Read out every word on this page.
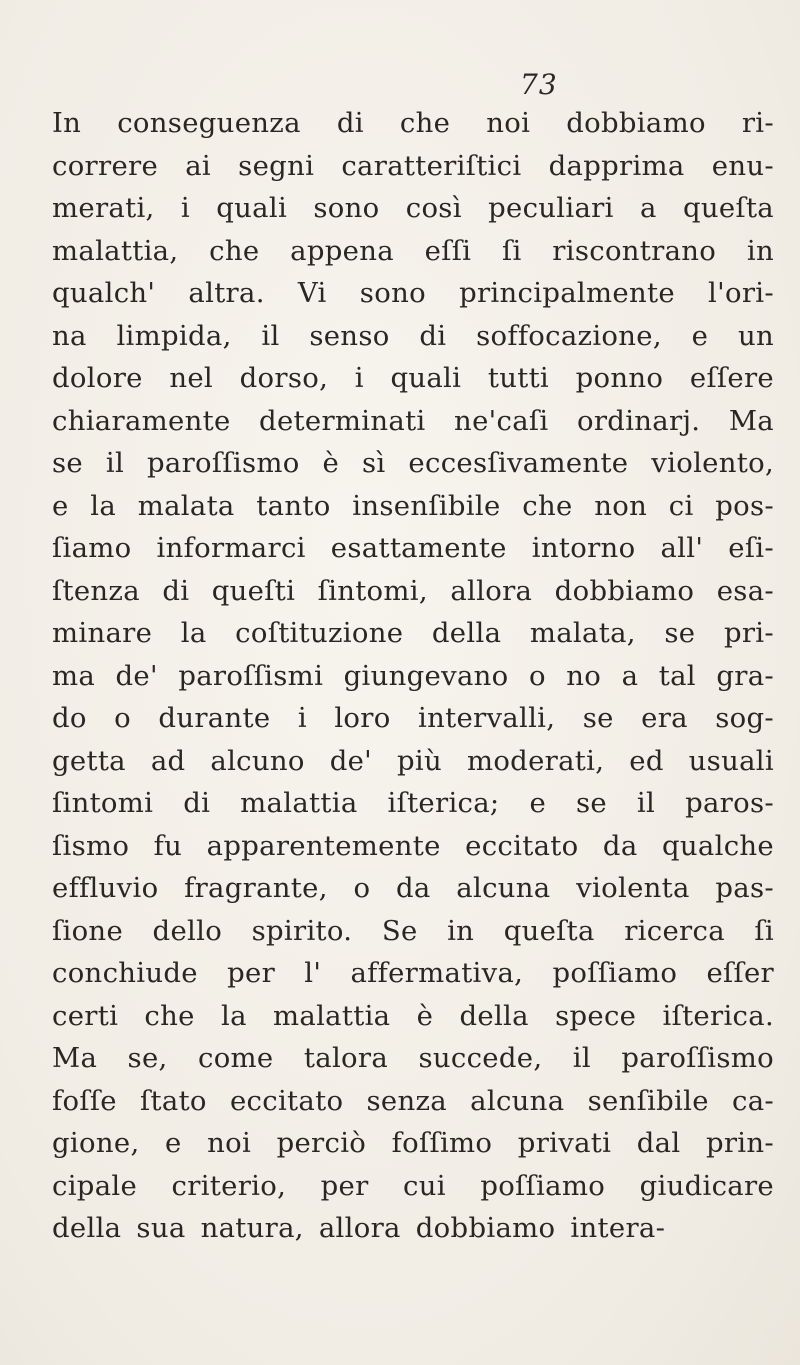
73
In conseguenza di che noi dobbiamo ri-
correre ai segni caratteriſtici dapprima enu-
merati, i quali sono così peculiari a queſta
malattia, che appena eſſi ſi riscontrano in
qualch' altra. Vi sono principalmente l'ori-
na limpida, il senso di soffocazione, e un
dolore nel dorso, i quali tutti ponno eſſere
chiaramente determinati ne'caſi ordinarj. Ma
se il paroſſismo è sì eccesſivamente violento,
e la malata tanto insenſibile che non ci pos-
ſiamo informarci esattamente intorno all' eſi-
ſtenza di queſti ſintomi, allora dobbiamo esa-
minare la coſtituzione della malata, se pri-
ma de' paroſſismi giungevano o no a tal gra-
do o durante i loro intervalli, se era sog-
getta ad alcuno de' più moderati, ed usuali
ſintomi di malattia iſterica; e se il paros-
ſismo fu apparentemente eccitato da qualche
effluvio fragrante, o da alcuna violenta pas-
ſione dello spirito. Se in queſta ricerca ſi
conchiude per l' affermativa, poſſiamo eſſer
certi che la malattia è della spece iſterica.
Ma se, come talora succede, il paroſſismo
foſſe ſtato eccitato senza alcuna senſibile ca-
gione, e noi perciò foſſimo privati dal prin-
cipale criterio, per cui poſſiamo giudicare
della sua natura, allora dobbiamo intera-
